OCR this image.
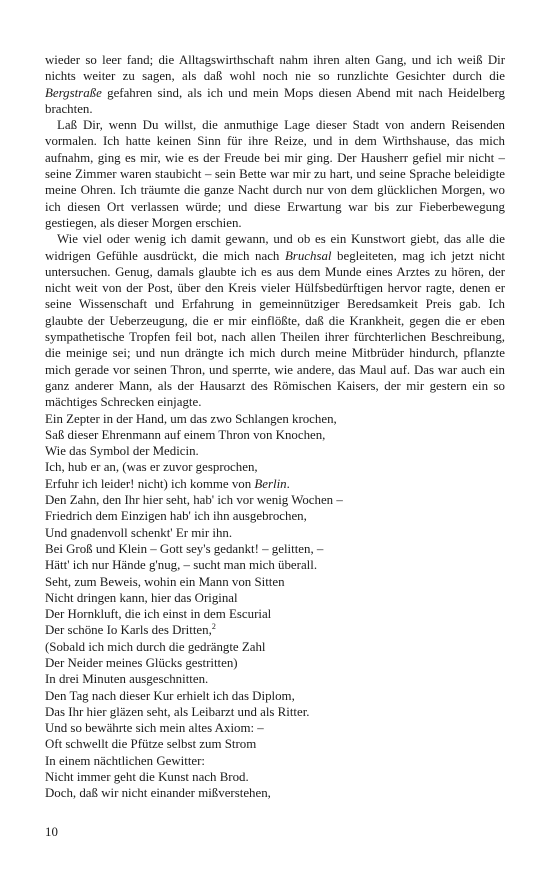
wieder so leer fand; die Alltagswirthschaft nahm ihren alten Gang, und ich weiß Dir nichts weiter zu sagen, als daß wohl noch nie so runzlichte Gesichter durch die Bergstraße gefahren sind, als ich und mein Mops diesen Abend mit nach Heidelberg brachten.

Laß Dir, wenn Du willst, die anmuthige Lage dieser Stadt von andern Reisenden vormalen. Ich hatte keinen Sinn für ihre Reize, und in dem Wirthshause, das mich aufnahm, ging es mir, wie es der Freude bei mir ging. Der Hausherr gefiel mir nicht – seine Zimmer waren staubicht – sein Bette war mir zu hart, und seine Sprache beleidigte meine Ohren. Ich träumte die ganze Nacht durch nur von dem glücklichen Morgen, wo ich diesen Ort verlassen würde; und diese Erwartung war bis zur Fieberbewegung gestiegen, als dieser Morgen erschien.

Wie viel oder wenig ich damit gewann, und ob es ein Kunstwort giebt, das alle die widrigen Gefühle ausdrückt, die mich nach Bruchsal begleiteten, mag ich jetzt nicht untersuchen. Genug, damals glaubte ich es aus dem Munde eines Arztes zu hören, der nicht weit von der Post, über den Kreis vieler Hülfsbedürftigen hervor ragte, denen er seine Wissenschaft und Erfahrung in gemeinnütziger Beredsamkeit Preis gab. Ich glaubte der Ueberzeugung, die er mir einflößte, daß die Krankheit, gegen die er eben sympathetische Tropfen feil bot, nach allen Theilen ihrer fürchterlichen Beschreibung, die meinige sei; und nun drängte ich mich durch meine Mitbrüder hindurch, pflanzte mich gerade vor seinen Thron, und sperrte, wie andere, das Maul auf. Das war auch ein ganz anderer Mann, als der Hausarzt des Römischen Kaisers, der mir gestern ein so mächtiges Schrecken einjagte.

Ein Zepter in der Hand, um das zwo Schlangen krochen,
Saß dieser Ehrenmann auf einem Thron von Knochen,
Wie das Symbol der Medicin.
Ich, hub er an, (was er zuvor gesprochen,
Erfuhr ich leider! nicht) ich komme von Berlin.
Den Zahn, den Ihr hier seht, hab' ich vor wenig Wochen –
Friedrich dem Einzigen hab' ich ihn ausgebrochen,
Und gnadenvoll schenkt' Er mir ihn.
Bei Groß und Klein – Gott sey's gedankt! – gelitten, –
Hätt' ich nur Hände g'nug, – sucht man mich überall.
Seht, zum Beweis, wohin ein Mann von Sitten
Nicht dringen kann, hier das Original
Der Hornkluft, die ich einst in dem Escurial
Der schöne Io Karls des Dritten,$^2$
(Sobald ich mich durch die gedrängte Zahl
Der Neider meines Glücks gestritten)
In drei Minuten ausgeschnitten.
Den Tag nach dieser Kur erhielt ich das Diplom,
Das Ihr hier gläzen seht, als Leibarzt und als Ritter.
Und so bewährte sich mein altes Axiom: –
Oft schwellt die Pfütze selbst zum Strom
In einem nächtlichen Gewitter:
Nicht immer geht die Kunst nach Brod.
Doch, daß wir nicht einander mißverstehen,
10
